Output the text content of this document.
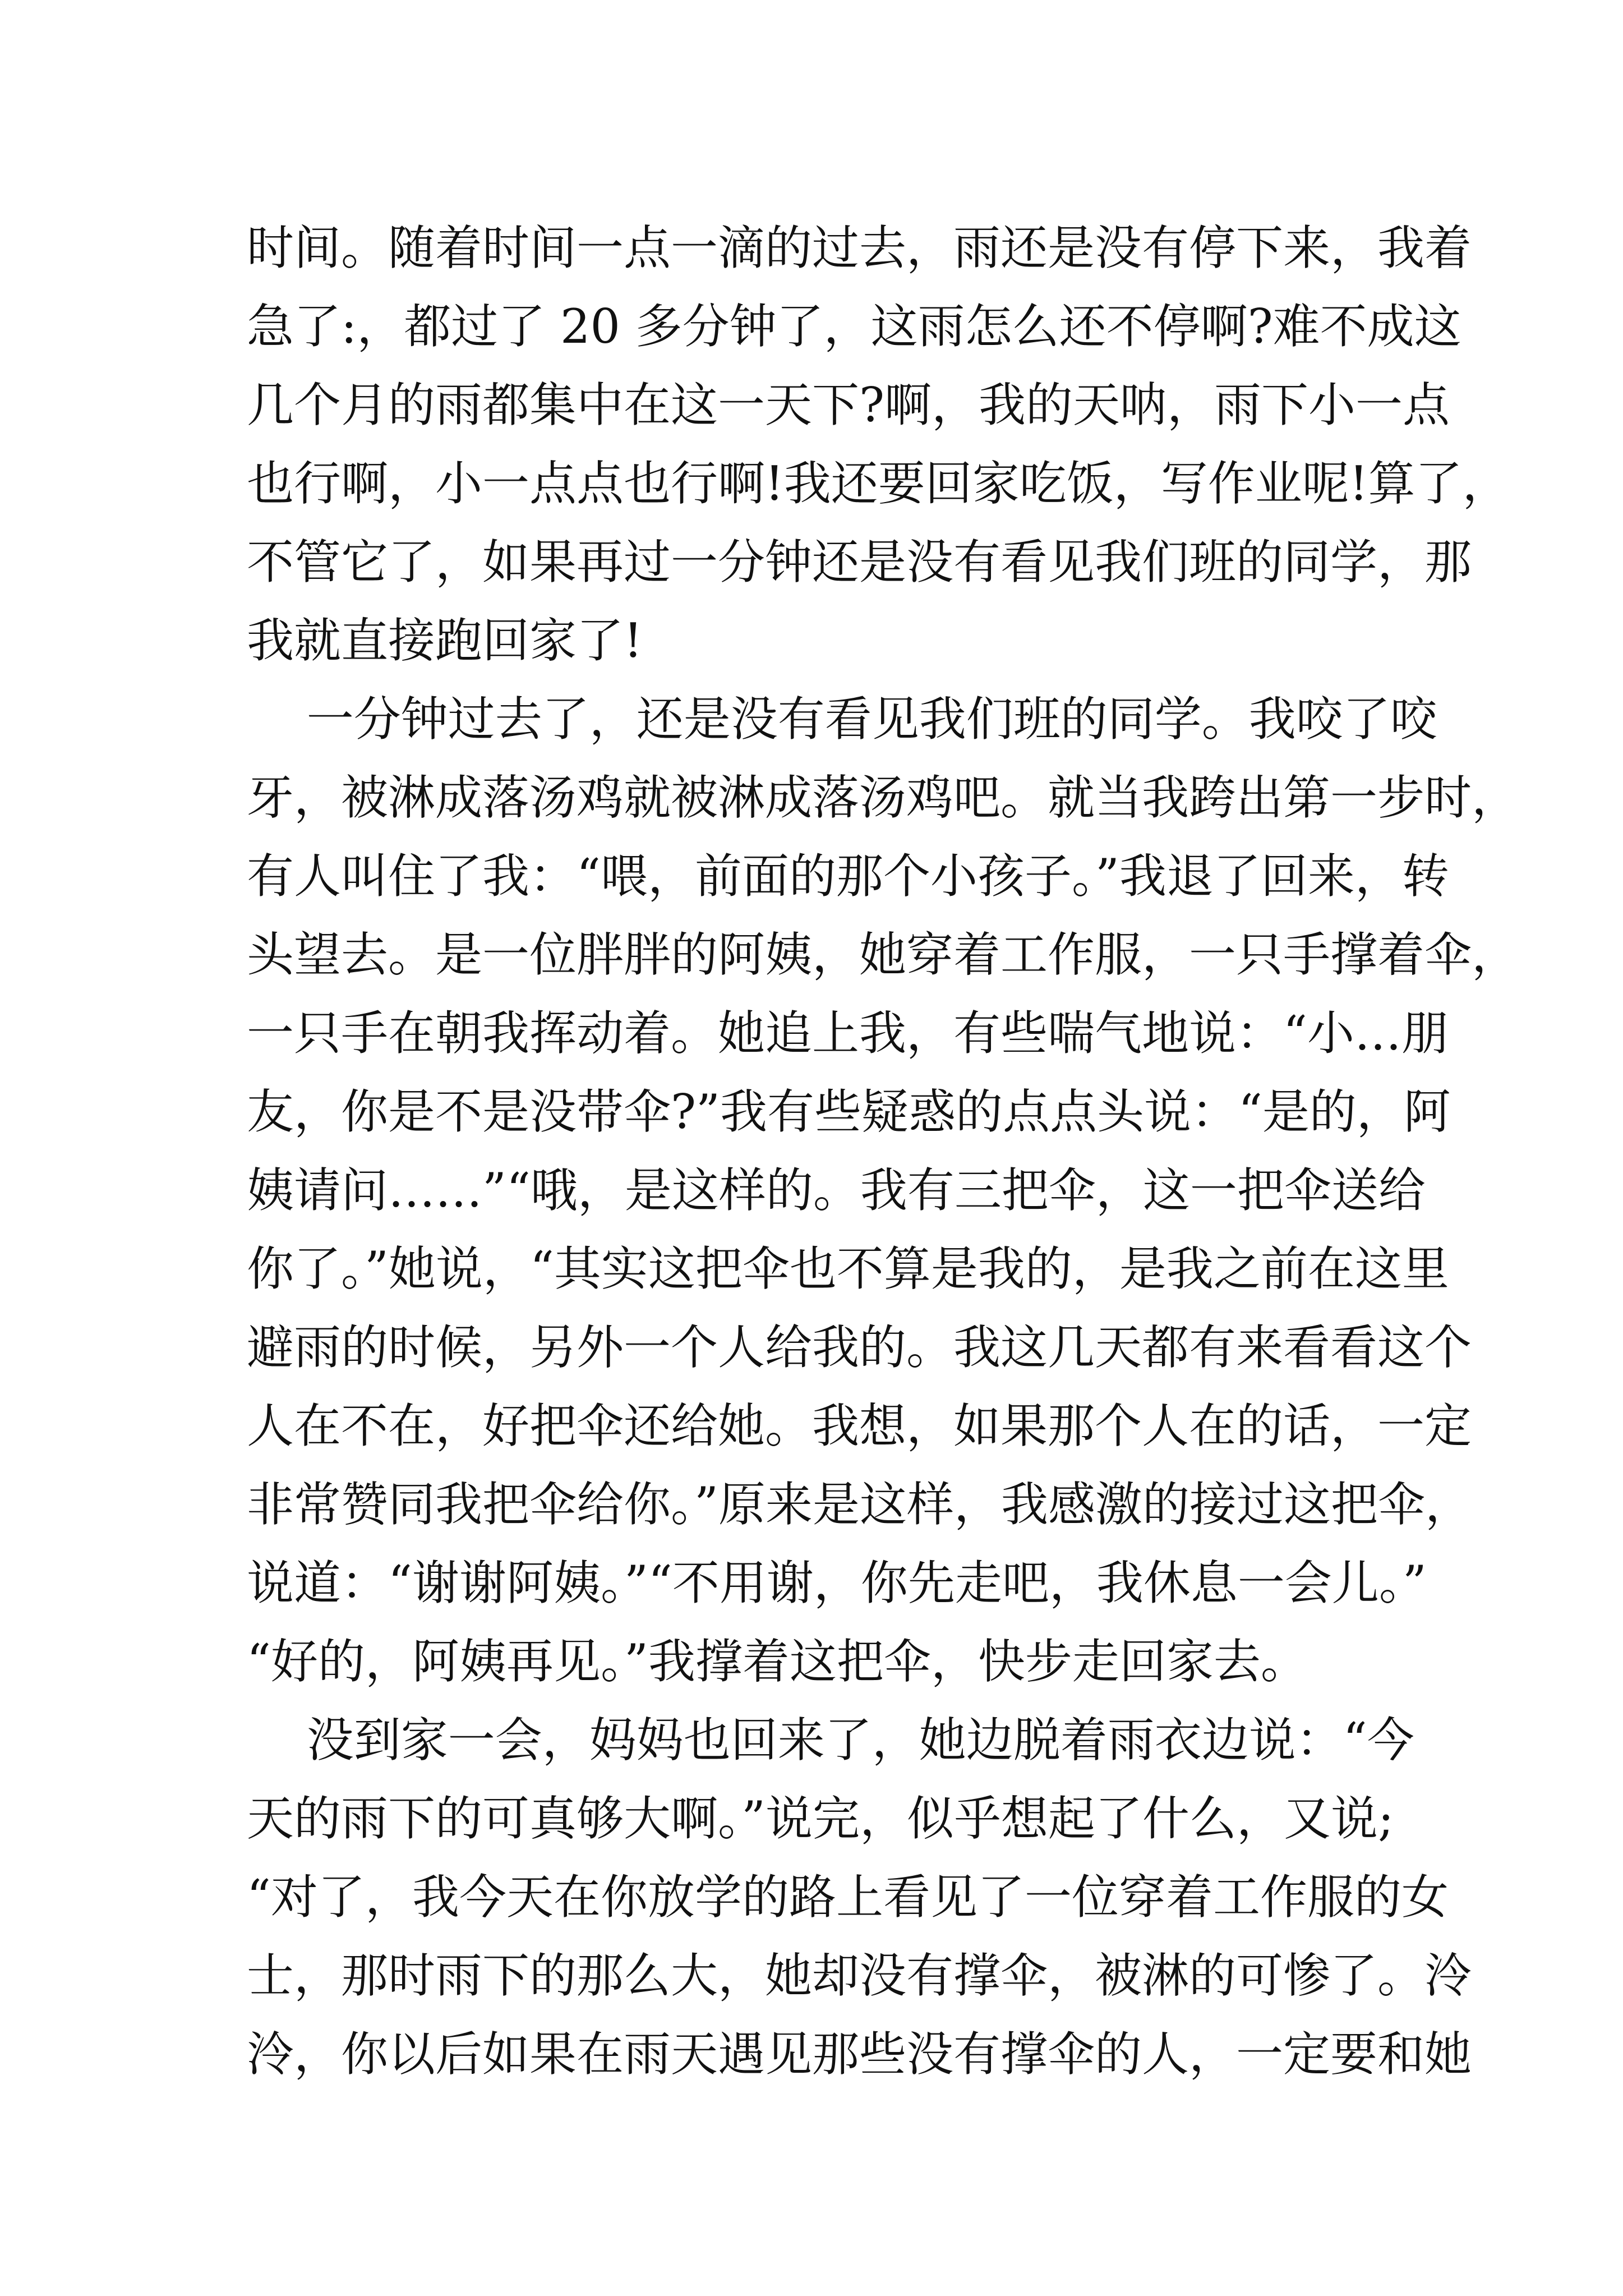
时间。随着时间一点一滴的过去，雨还是没有停下来，我着
急了:，都过了 20 多分钟了，这雨怎么还不停啊?难不成这
几个月的雨都集中在这一天下?啊，我的天呐，雨下小一点
也行啊，小一点点也行啊!我还要回家吃饭，写作业呢!算了，
不管它了，如果再过一分钟还是没有看见我们班的同学，那
我就直接跑回家了!
一分钟过去了，还是没有看见我们班的同学。我咬了咬
牙，被淋成落汤鸡就被淋成落汤鸡吧。就当我跨出第一步时，
有人叫住了我：“喂，前面的那个小孩子。”我退了回来，转
头望去。是一位胖胖的阿姨，她穿着工作服，一只手撑着伞，
一只手在朝我挥动着。她追上我，有些喘气地说：“小…朋
友，你是不是没带伞?”我有些疑惑的点点头说：“是的，阿
姨请问……”“哦，是这样的。我有三把伞，这一把伞送给
你了。”她说，“其实这把伞也不算是我的，是我之前在这里
避雨的时候，另外一个人给我的。我这几天都有来看看这个
人在不在，好把伞还给她。我想，如果那个人在的话，一定
非常赞同我把伞给你。”原来是这样，我感激的接过这把伞，
说道：“谢谢阿姨。”“不用谢，你先走吧，我休息一会儿。”
“好的，阿姨再见。”我撑着这把伞，快步走回家去。
没到家一会，妈妈也回来了，她边脱着雨衣边说：“今
天的雨下的可真够大啊。”说完，似乎想起了什么，又说;
“对了，我今天在你放学的路上看见了一位穿着工作服的女
士，那时雨下的那么大，她却没有撑伞，被淋的可惨了。泠
泠，你以后如果在雨天遇见那些没有撑伞的人，一定要和她
